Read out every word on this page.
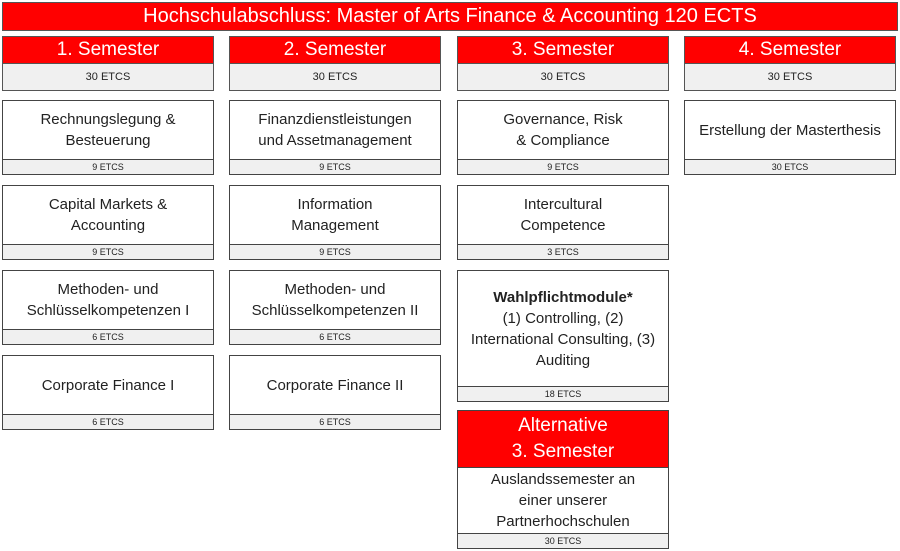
Hochschulabschluss: Master of Arts Finance & Accounting 120 ECTS
1. Semester
30 ETCS
Rechnungslegung &
Besteuerung
9 ETCS
Capital Markets &
Accounting
9 ETCS
Methoden- und
Schlüsselkompetenzen I
6 ETCS
Corporate Finance I
6 ETCS
2. Semester
30 ETCS
Finanzdienstleistungen
und Assetmanagement
9 ETCS
Information
Management
9 ETCS
Methoden- und
Schlüsselkompetenzen II
6 ETCS
Corporate Finance II
6 ETCS
3. Semester
30 ETCS
Governance, Risk
& Compliance
9 ETCS
Intercultural
Competence
3 ETCS
Wahlpflichtmodule*
(1) Controlling, (2)
International Consulting, (3)
Auditing
18 ETCS
4. Semester
30 ETCS
Erstellung der Masterthesis
30 ETCS
Alternative
3. Semester
Auslandssemester an
einer unserer
Partnerhochschulen
30 ETCS
